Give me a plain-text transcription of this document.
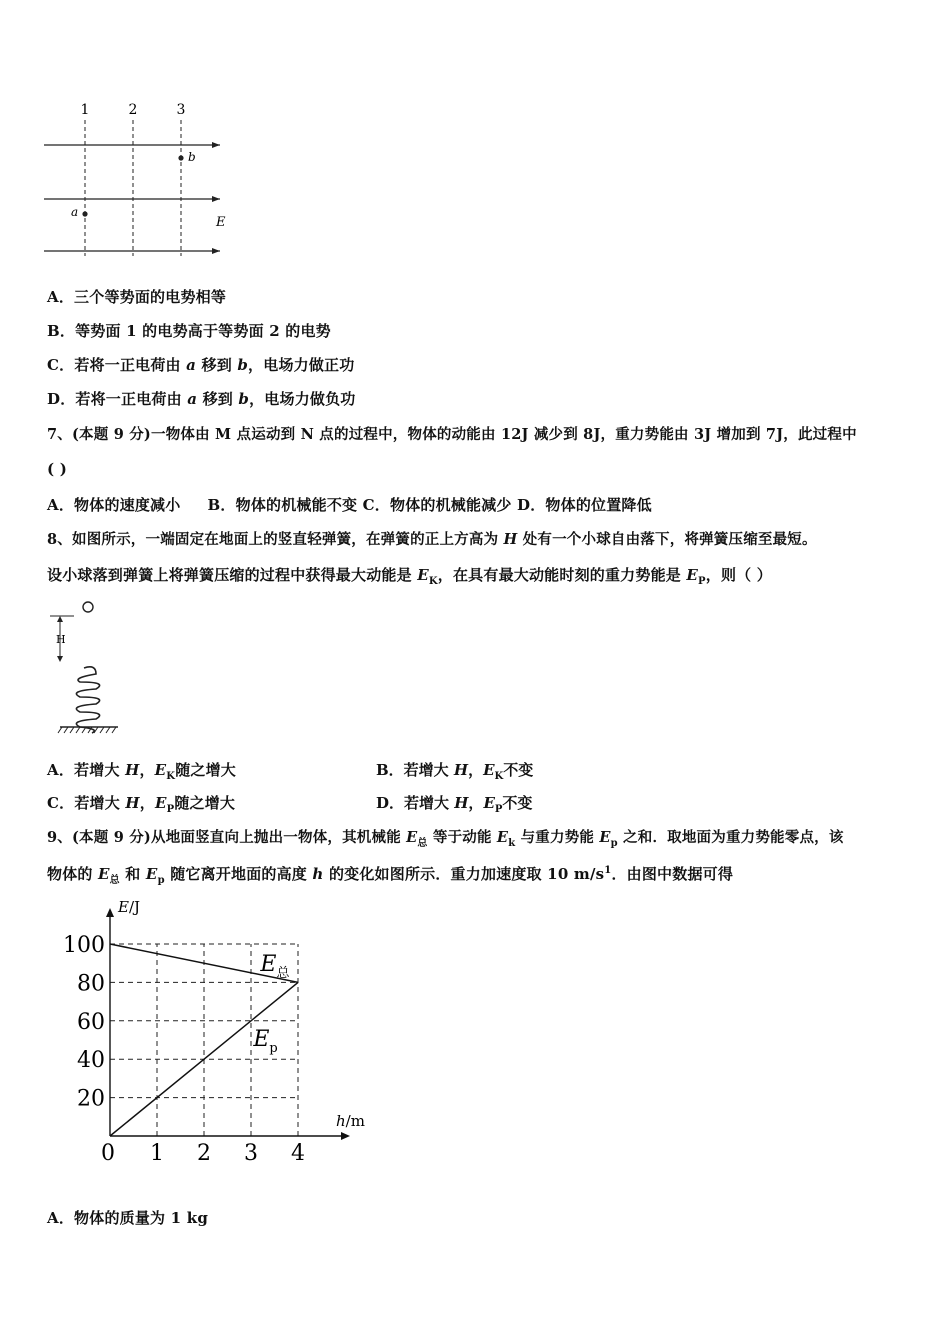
1	2	3
b
a
E
A．三个等势面的电势相等
B．等势面 1 的电势高于等势面 2 的电势
C．若将一正电荷由 a 移到 b，电场力做正功
D．若将一正电荷由 a 移到 b，电场力做负功
7、(本题 9 分)一物体由 M 点运动到 N 点的过程中，物体的动能由 12J 减少到 8J，重力势能由 3J 增加到 7J，此过程中
( )
A．物体的速度减小     B．物体的机械能不变 C．物体的机械能减少 D．物体的位置降低
8、如图所示，一端固定在地面上的竖直轻弹簧，在弹簧的正上方高为 H 处有一个小球自由落下，将弹簧压缩至最短。
设小球落到弹簧上将弹簧压缩的过程中获得最大动能是 $E_K$，在具有最大动能时刻的重力势能是 $E_P$，则（ ）
H
A．若增大 H，$E_K$随之增大	B．若增大 H，$E_K$不变
C．若增大 H，$E_P$随之增大	D．若增大 H，$E_P$不变
9、(本题 9 分)从地面竖直向上抛出一物体，其机械能 $E_总$ 等于动能 $E_k$ 与重力势能 $E_p$ 之和．取地面为重力势能零点，该
物体的 $E_总$ 和 $E_p$ 随它离开地面的高度 h 的变化如图所示．重力加速度取 10 $m/s^1$．由图中数据可得
20
40
60
80
100
0 1 2 3 4
E/J
h/m
$E_总$
$E_p$
A．物体的质量为 1 kg
